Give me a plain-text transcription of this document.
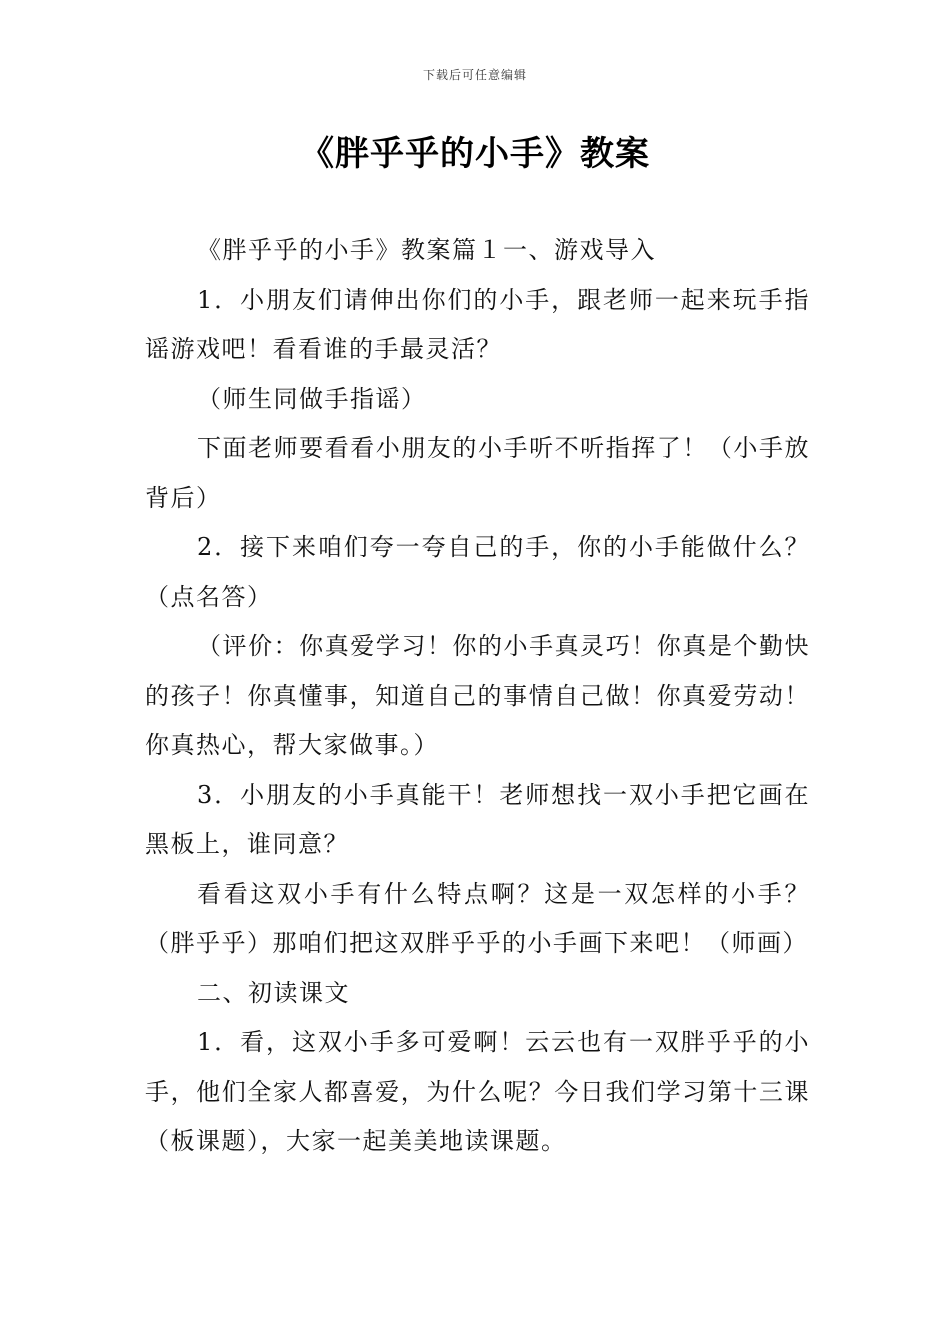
下载后可任意编辑
《胖乎乎的小手》教案

《胖乎乎的小手》教案篇１一、游戏导入

1．小朋友们请伸出你们的小手，跟老师一起来玩手指谣游戏吧！看看谁的手最灵活？

（师生同做手指谣）

下面老师要看看小朋友的小手听不听指挥了！（小手放背后）

2．接下来咱们夸一夸自己的手，你的小手能做什么？（点名答）

（评价：你真爱学习！你的小手真灵巧！你真是个勤快的孩子！你真懂事，知道自己的事情自己做！你真爱劳动！你真热心，帮大家做事。）

3．小朋友的小手真能干！老师想找一双小手把它画在黑板上，谁同意？

看看这双小手有什么特点啊？这是一双怎样的小手？（胖乎乎）那咱们把这双胖乎乎的小手画下来吧！（师画）

二、初读课文

1．看，这双小手多可爱啊！云云也有一双胖乎乎的小手，他们全家人都喜爱，为什么呢？今日我们学习第十三课（板课题），大家一起美美地读课题。
